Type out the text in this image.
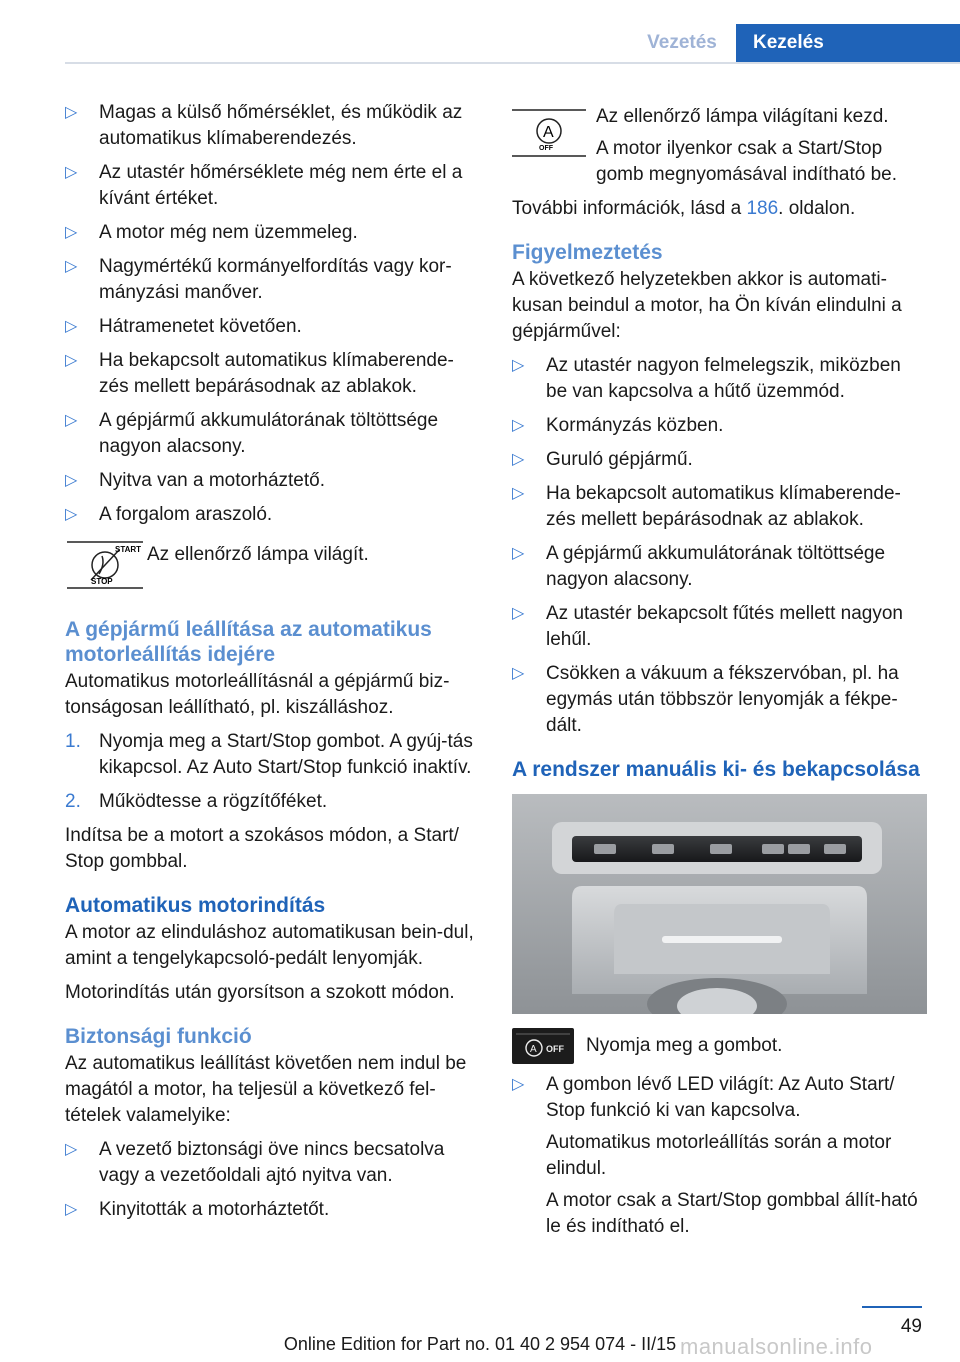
Vezetés	Kezelés
▷ Magas a külső hőmérséklet, és működik az automatikus klímaberendezés.
▷ Az utastér hőmérséklete még nem érte el a kívánt értéket.
▷ A motor még nem üzemmeleg.
▷ Nagymértékű kormányelfordítás vagy kor-mányzási manőver.
▷ Hátramenetet követően.
▷ Ha bekapcsolt automatikus klímaberende-zés mellett bepárásodnak az ablakok.
▷ A gépjármű akkumulátorának töltöttsége nagyon alacsony.
▷ Nyitva van a motorháztető.
▷ A forgalom araszoló.
START
STOP
Az ellenőrző lámpa világít.
A gépjármű leállítása az automatikus motorleállítás idejére
Automatikus motorleállításnál a gépjármű biz-tonságosan leállítható, pl. kiszálláshoz.
1. Nyomja meg a Start/Stop gombot. A gyúj-tás kikapcsol. Az Auto Start/Stop funkció inaktív.
2. Működtesse a rögzítőféket.
Indítsa be a motort a szokásos módon, a Start/ Stop gombbal.
Automatikus motorindítás
A motor az elinduláshoz automatikusan bein-dul, amint a tengelykapcsoló-pedált lenyomják.
Motorindítás után gyorsítson a szokott módon.
Biztonsági funkció
Az automatikus leállítást követően nem indul be magától a motor, ha teljesül a következő fel-tételek valamelyike:
▷ A vezető biztonsági öve nincs becsatolva vagy a vezetőoldali ajtó nyitva van.
▷ Kinyitották a motorháztetőt.
A
OFF
Az ellenőrző lámpa világítani kezd.
A motor ilyenkor csak a Start/Stop gomb megnyomásával indítható be.
További információk, lásd a 186. oldalon.
Figyelmeztetés
A következő helyzetekben akkor is automati-kusan beindul a motor, ha Ön kíván elindulni a gépjárművel:
▷ Az utastér nagyon felmelegszik, miközben be van kapcsolva a hűtő üzemmód.
▷ Kormányzás közben.
▷ Guruló gépjármű.
▷ Ha bekapcsolt automatikus klímaberende-zés mellett bepárásodnak az ablakok.
▷ A gépjármű akkumulátorának töltöttsége nagyon alacsony.
▷ Az utastér bekapcsolt fűtés mellett nagyon lehűl.
▷ Csökken a vákuum a fékszervóban, pl. ha egymás után többször lenyomják a fékpe-dált.
A rendszer manuális ki- és bekapcsolása
A OFF Nyomja meg a gombot.
▷ A gombon lévő LED világít: Az Auto Start/ Stop funkció ki van kapcsolva.
Automatikus motorleállítás során a motor elindul.
A motor csak a Start/Stop gombbal állít-ható le és indítható el.
49
Online Edition for Part no. 01 40 2 954 074 - II/15 manualsonline.info
